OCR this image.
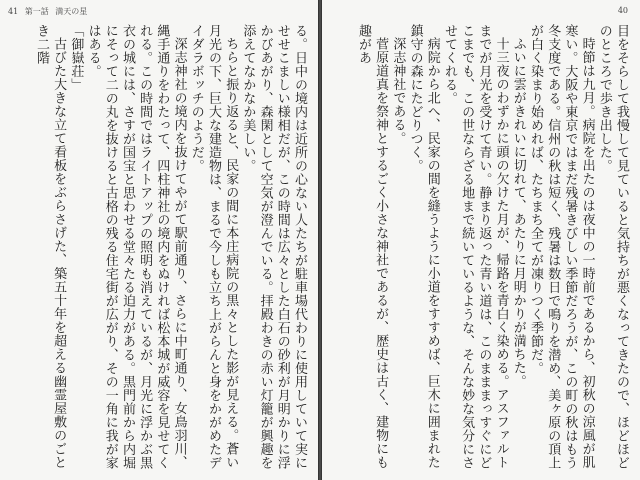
41 第一話 満天の星

る。日中の境内は近所の心ない人たちが駐車場代わりに使用していて実にせせこましい様相だが、この時間は広々とした白石の砂利が月明かりに浮かびあがり、森閑として空気が澄んでいる。拝殿わきの赤い灯籠が興趣を添えてなかなか美しい。

ちらと振り返ると、民家の間に本庄病院の黒々とした影が見える。蒼い月光の下、巨大な建造物は、まるで今しも立ち上がらんと身をかがめたデイダラボッチのようだ。

深志神社の境内を抜けてやがて駅前通り、さらに中町通り、女鳥羽川、縄手通りをわたって、四柱神社の境内をぬければ松本城が威容を見せてくれる。この時間ではライトアップの照明も消えているが、月光に浮かぶ黒衣の城には、さすが国宝と思わせる堂々たる迫力がある。黒門前から内堀にそって二の丸を抜けると古格の残る住宅街が広がり、その一角に我が家はある。

「御嶽荘」

古びた大きな立て看板をぶらさげた、築五十年を超える幽霊屋敷のごとき二階

40

目をそらして我慢して見ていると気持ちが悪くなってきたので、ほどほどのところで歩き出した。

時節は九月。病院を出たのは夜中の一時前であるから、初秋の涼風が肌寒い。大阪や東京ではまだ残暑きびしい季節だろうが、この町の秋はもう冬支度である。信州の秋は短く、残暑は数日で鳴りを潜め、美ヶ原の頂上が白く染まり始めれば、たちまち全てが凍りつく季節だ。

ふいに雲がきれいに切れて、あたりに月明かりが満ちた。

十三夜のわずかに頭の欠けた月が、帰路を青白く染める。アスファルトまでが月光を受けて青い。静まり返った青い道は、このまままっすぐにどこまでも、この世ならざる地まで続いているような、そんな妙な気分にさせてくれる。

病院から北へ、民家の間を縫うように小道をすすめば、巨木に囲まれた鎮守の森にたどりつく。

深志神社である。

菅原道真を祭神とするごく小さな神社であるが、歴史は古く、建物にも趣があ
